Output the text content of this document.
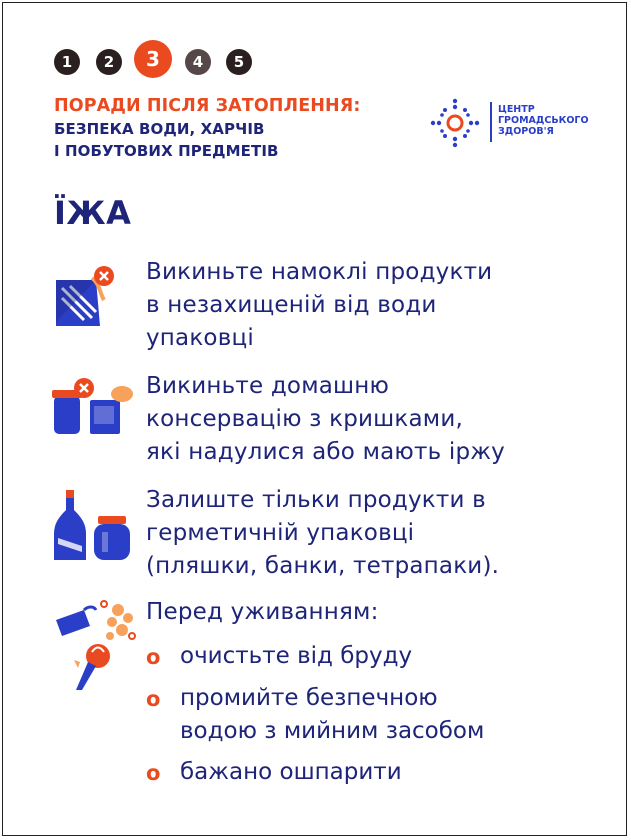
1	2	3	4	5
ПОРАДИ ПІСЛЯ ЗАТОПЛЕННЯ:

БЕЗПЕКА ВОДИ, ХАРЧІВ

І ПОБУТОВИХ ПРЕДМЕТІВ

ЦЕНТР
ГРОМАДСЬКОГО
ЗДОРОВ'Я
ЇЖА

Викиньте намоклі продукти
в незахищеній від води
упаковці

Викиньте домашню
консервацію з кришками,
які надулися або мають іржу

Залиште тільки продукти в
герметичній упаковці
(пляшки, банки, тетрапаки).

Перед уживанням:

o очистьте від бруду
o промийте безпечною
водою з мийним засобом
o бажано ошпарити
